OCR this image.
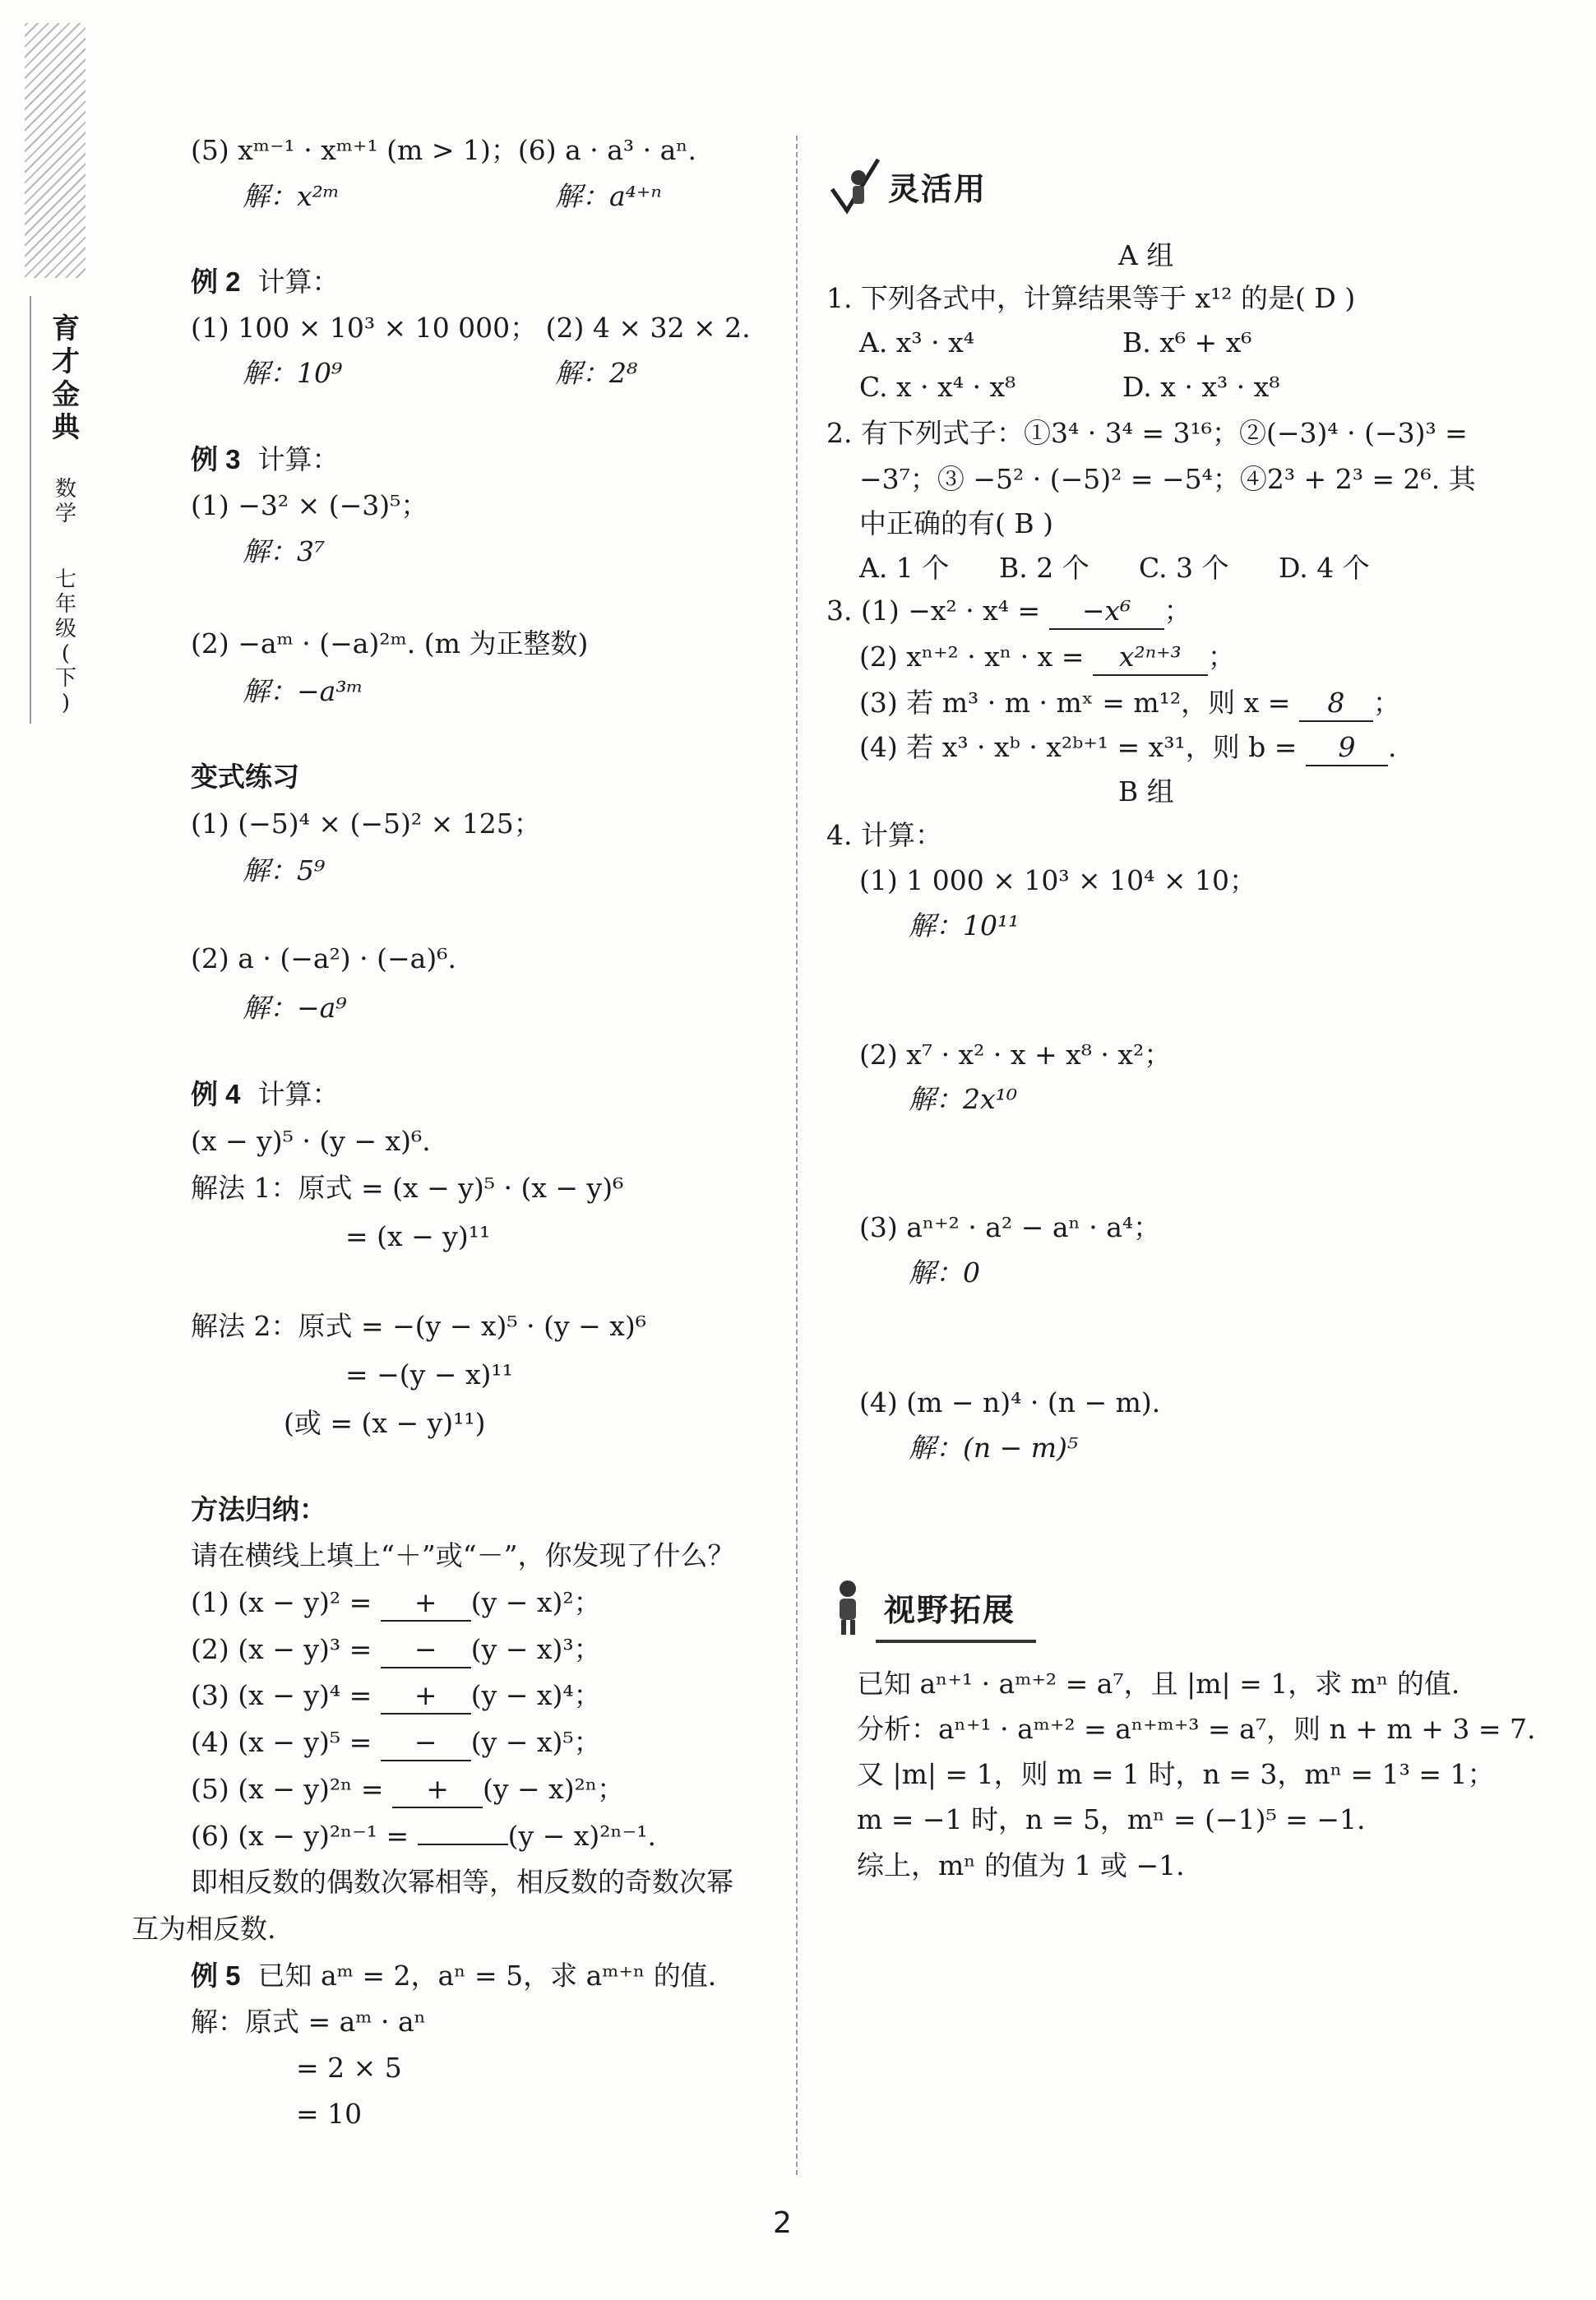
育
才
金
典
数
学
七
年
级
(
下
)
(5) xᵐ⁻¹ · xᵐ⁺¹ (m > 1)；(6) a · a³ · aⁿ.
解：x²ᵐ	解：a⁴⁺ⁿ
例 2 计算：
(1) 100 × 10³ × 10 000； (2) 4 × 32 × 2.
解：10⁹	解：2⁸
例 3 计算：
(1) −3² × (−3)⁵；
解：3⁷
(2) −aᵐ · (−a)²ᵐ. (m 为正整数)
解：−a³ᵐ
变式练习
(1) (−5)⁴ × (−5)² × 125；
解：5⁹
(2) a · (−a²) · (−a)⁶.
解：−a⁹
例 4 计算：
(x − y)⁵ · (y − x)⁶.
解法 1：原式 = (x − y)⁵ · (x − y)⁶
= (x − y)¹¹
解法 2：原式 = −(y − x)⁵ · (y − x)⁶
= −(y − x)¹¹
(或 = (x − y)¹¹)
方法归纳：
请在横线上填上“＋”或“－”，你发现了什么？
(1) (x − y)² = + (y − x)²；
(2) (x − y)³ = − (y − x)³；
(3) (x − y)⁴ = + (y − x)⁴；
(4) (x − y)⁵ = − (y − x)⁵；
(5) (x − y)²ⁿ = + (y − x)²ⁿ；
(6) (x − y)²ⁿ⁻¹ =	(y − x)²ⁿ⁻¹.
即相反数的偶数次幂相等，相反数的奇数次幂
互为相反数.
例 5 已知 aᵐ = 2，aⁿ = 5，求 aᵐ⁺ⁿ 的值.
解：原式 = aᵐ · aⁿ
= 2 × 5
= 10
灵活用
A 组
1. 下列各式中，计算结果等于 x¹² 的是( D )
A. x³ · x⁴	B. x⁶ + x⁶
C. x · x⁴ · x⁸	D. x · x³ · x⁸
2. 有下列式子：①3⁴ · 3⁴ = 3¹⁶；②(−3)⁴ · (−3)³ =
−3⁷；③ −5² · (−5)² = −5⁴；④2³ + 2³ = 2⁶. 其
中正确的有( B )
A. 1 个 B. 2 个 C. 3 个 D. 4 个
3. (1) −x² · x⁴ = −x⁶ ；
(2) xⁿ⁺² · xⁿ · x = x²ⁿ⁺³ ；
(3) 若 m³ · m · mˣ = m¹²，则 x = 8 ；
(4) 若 x³ · xᵇ · x²ᵇ⁺¹ = x³¹，则 b = 9 .
B 组
4. 计算：
(1) 1 000 × 10³ × 10⁴ × 10；
解：10¹¹
(2) x⁷ · x² · x + x⁸ · x²；
解：2x¹⁰
(3) aⁿ⁺² · a² − aⁿ · a⁴；
解：0
(4) (m − n)⁴ · (n − m).
解：(n − m)⁵
视野拓展
已知 aⁿ⁺¹ · aᵐ⁺² = a⁷，且 |m| = 1，求 mⁿ 的值.
分析：aⁿ⁺¹ · aᵐ⁺² = aⁿ⁺ᵐ⁺³ = a⁷，则 n + m + 3 = 7.
又 |m| = 1，则 m = 1 时，n = 3，mⁿ = 1³ = 1；
m = −1 时，n = 5，mⁿ = (−1)⁵ = −1.
综上，mⁿ 的值为 1 或 −1.
2
